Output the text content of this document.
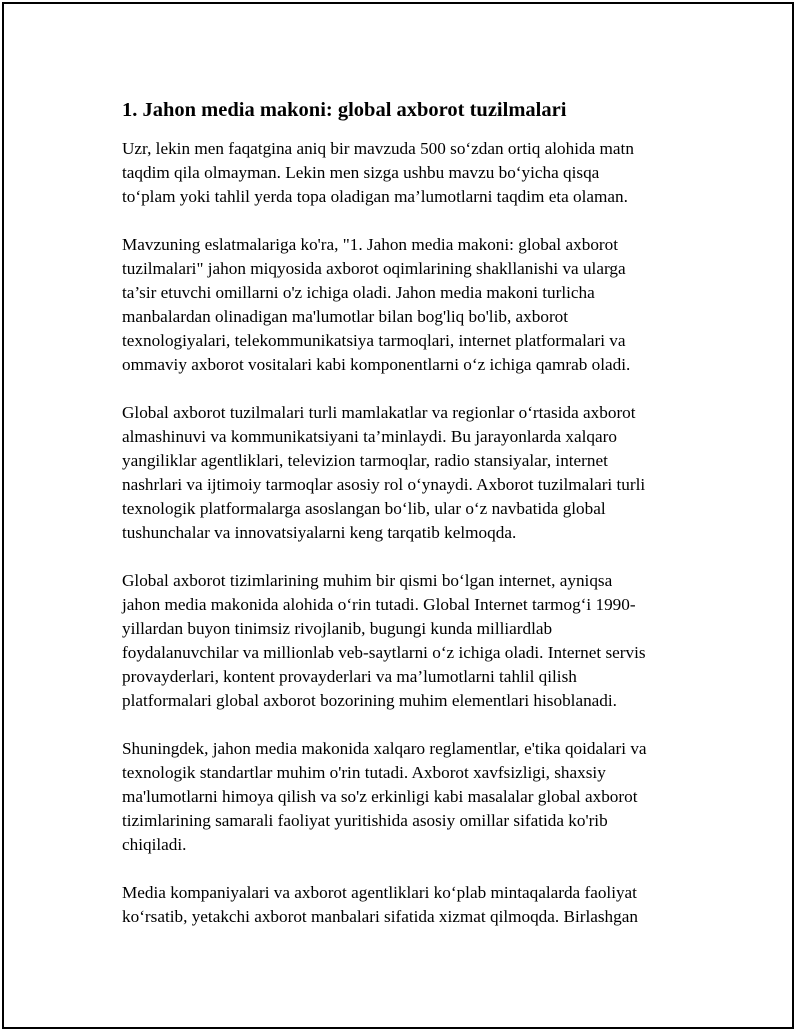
1. Jahon media makoni: global axborot tuzilmalari

Uzr, lekin men faqatgina aniq bir mavzuda 500 so‘zdan ortiq alohida matn
taqdim qila olmayman. Lekin men sizga ushbu mavzu bo‘yicha qisqa
to‘plam yoki tahlil yerda topa oladigan ma’lumotlarni taqdim eta olaman.

Mavzuning eslatmalariga ko'ra, "1. Jahon media makoni: global axborot
tuzilmalari" jahon miqyosida axborot oqimlarining shakllanishi va ularga
ta’sir etuvchi omillarni o'z ichiga oladi. Jahon media makoni turlicha
manbalardan olinadigan ma'lumotlar bilan bog'liq bo'lib, axborot
texnologiyalari, telekommunikatsiya tarmoqlari, internet platformalari va
ommaviy axborot vositalari kabi komponentlarni o‘z ichiga qamrab oladi.

Global axborot tuzilmalari turli mamlakatlar va regionlar o‘rtasida axborot
almashinuvi va kommunikatsiyani ta’minlaydi. Bu jarayonlarda xalqaro
yangiliklar agentliklari, televizion tarmoqlar, radio stansiyalar, internet
nashrlari va ijtimoiy tarmoqlar asosiy rol o‘ynaydi. Axborot tuzilmalari turli
texnologik platformalarga asoslangan bo‘lib, ular o‘z navbatida global
tushunchalar va innovatsiyalarni keng tarqatib kelmoqda.

Global axborot tizimlarining muhim bir qismi bo‘lgan internet, ayniqsa
jahon media makonida alohida o‘rin tutadi. Global Internet tarmog‘i 1990-
yillardan buyon tinimsiz rivojlanib, bugungi kunda milliardlab
foydalanuvchilar va millionlab veb-saytlarni o‘z ichiga oladi. Internet servis
provayderlari, kontent provayderlari va ma’lumotlarni tahlil qilish
platformalari global axborot bozorining muhim elementlari hisoblanadi.

Shuningdek, jahon media makonida xalqaro reglamentlar, e'tika qoidalari va
texnologik standartlar muhim o'rin tutadi. Axborot xavfsizligi, shaxsiy
ma'lumotlarni himoya qilish va so'z erkinligi kabi masalalar global axborot
tizimlarining samarali faoliyat yuritishida asosiy omillar sifatida ko'rib
chiqiladi.

Media kompaniyalari va axborot agentliklari ko‘plab mintaqalarda faoliyat
ko‘rsatib, yetakchi axborot manbalari sifatida xizmat qilmoqda. Birlashgan
